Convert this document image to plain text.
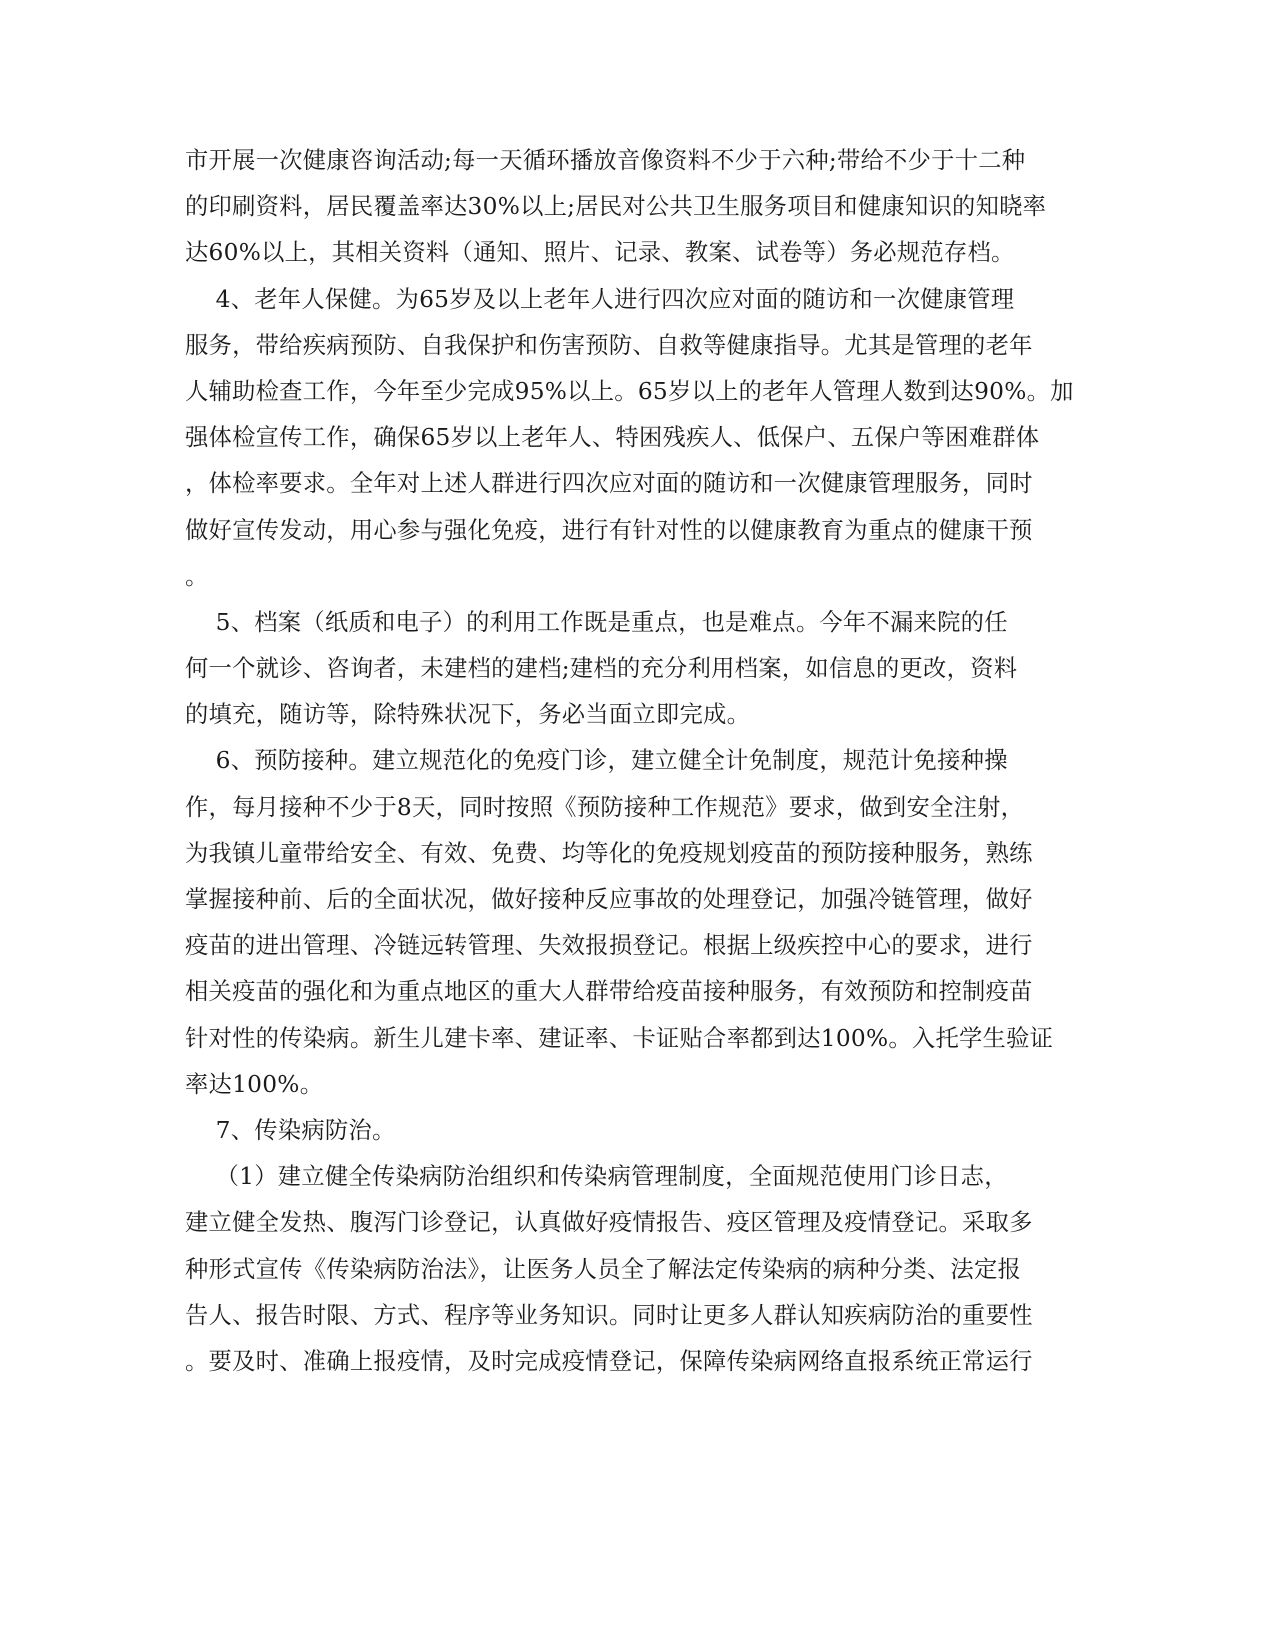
市开展一次健康咨询活动;每一天循环播放音像资料不少于六种;带给不少于十二种
的印刷资料，居民覆盖率达30%以上;居民对公共卫生服务项目和健康知识的知晓率
达60%以上，其相关资料（通知、照片、记录、教案、试卷等）务必规范存档。
4、老年人保健。为65岁及以上老年人进行四次应对面的随访和一次健康管理
服务，带给疾病预防、自我保护和伤害预防、自救等健康指导。尤其是管理的老年
人辅助检查工作，今年至少完成95%以上。65岁以上的老年人管理人数到达90%。加
强体检宣传工作，确保65岁以上老年人、特困残疾人、低保户、五保户等困难群体
，体检率要求。全年对上述人群进行四次应对面的随访和一次健康管理服务，同时
做好宣传发动，用心参与强化免疫，进行有针对性的以健康教育为重点的健康干预
。
5、档案（纸质和电子）的利用工作既是重点，也是难点。今年不漏来院的任
何一个就诊、咨询者，未建档的建档;建档的充分利用档案，如信息的更改，资料
的填充，随访等，除特殊状况下，务必当面立即完成。
6、预防接种。建立规范化的免疫门诊，建立健全计免制度，规范计免接种操
作，每月接种不少于8天，同时按照《预防接种工作规范》要求，做到安全注射，
为我镇儿童带给安全、有效、免费、均等化的免疫规划疫苗的预防接种服务，熟练
掌握接种前、后的全面状况，做好接种反应事故的处理登记，加强冷链管理，做好
疫苗的进出管理、冷链远转管理、失效报损登记。根据上级疾控中心的要求，进行
相关疫苗的强化和为重点地区的重大人群带给疫苗接种服务，有效预防和控制疫苗
针对性的传染病。新生儿建卡率、建证率、卡证贴合率都到达100%。入托学生验证
率达100%。
7、传染病防治。
（1）建立健全传染病防治组织和传染病管理制度，全面规范使用门诊日志，
建立健全发热、腹泻门诊登记，认真做好疫情报告、疫区管理及疫情登记。采取多
种形式宣传《传染病防治法》，让医务人员全了解法定传染病的病种分类、法定报
告人、报告时限、方式、程序等业务知识。同时让更多人群认知疾病防治的重要性
。要及时、准确上报疫情，及时完成疫情登记，保障传染病网络直报系统正常运行
